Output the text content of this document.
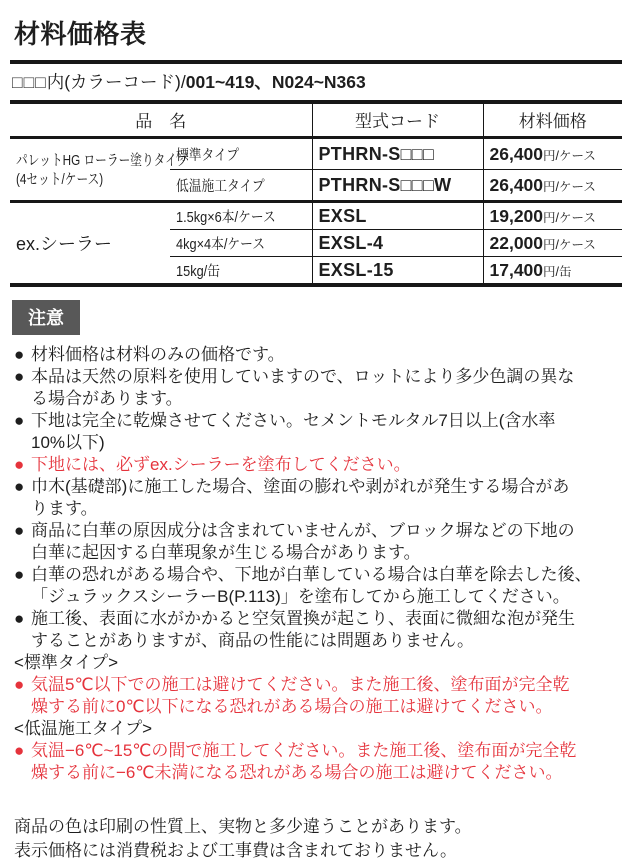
材料価格表
□□□内(カラーコード)/001~419、N024~N363
品　名		型式コード	材料価格

パレットHG ローラー塗りタイプ
(4セット/ケース)	標準タイプ	PTHRN-S□□□	26,400円/ケース
	低温施工タイプ	PTHRN-S□□□W	26,400円/ケース

ex.シーラー	1.5kg×6本/ケース	EXSL	19,200円/ケース
	4kg×4本/ケース	EXSL-4	22,000円/ケース
	15kg/缶	EXSL-15	17,400円/缶
注意
● 材料価格は材料のみの価格です。
● 本品は天然の原料を使用していますので、ロットにより多少色調の異な
る場合があります。
● 下地は完全に乾燥させてください。セメントモルタル7日以上(含水率
10%以下)
● 下地には、必ずex.シーラーを塗布してください。
● 巾木(基礎部)に施工した場合、塗面の膨れや剥がれが発生する場合があ
ります。
● 商品に白華の原因成分は含まれていませんが、ブロック塀などの下地の
白華に起因する白華現象が生じる場合があります。
● 白華の恐れがある場合や、下地が白華している場合は白華を除去した後、
「ジュラックスシーラーB(P.113)」を塗布してから施工してください。
● 施工後、表面に水がかかると空気置換が起こり、表面に微細な泡が発生
することがありますが、商品の性能には問題ありません。
<標準タイプ>
● 気温5℃以下での施工は避けてください。また施工後、塗布面が完全乾
燥する前に0℃以下になる恐れがある場合の施工は避けてください。
<低温施工タイプ>
● 気温−6℃~15℃の間で施工してください。また施工後、塗布面が完全乾
燥する前に−6℃未満になる恐れがある場合の施工は避けてください。
商品の色は印刷の性質上、実物と多少違うことがあります。
表示価格には消費税および工事費は含まれておりません。
